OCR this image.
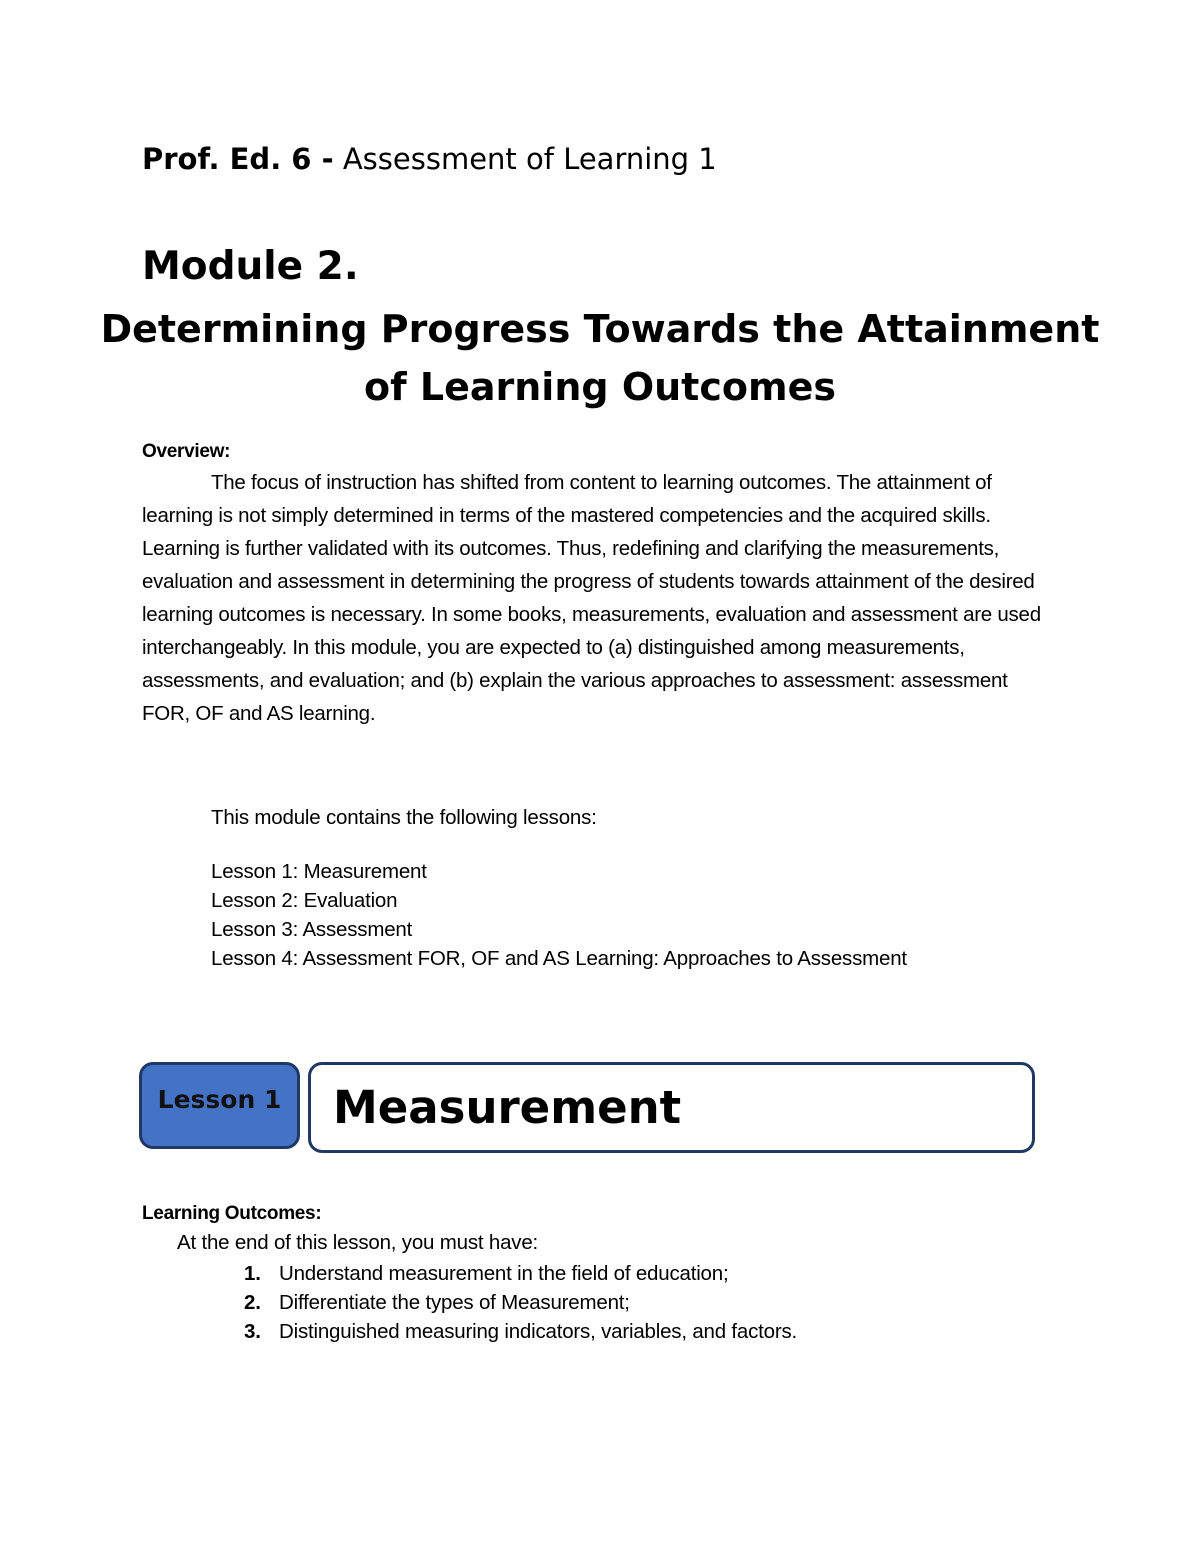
Prof. Ed. 6 - Assessment of Learning 1
Module 2.
Determining Progress Towards the Attainment
of Learning Outcomes
Overview:

The focus of instruction has shifted from content to learning outcomes. The attainment of learning is not simply determined in terms of the mastered competencies and the acquired skills. Learning is further validated with its outcomes. Thus, redefining and clarifying the measurements, evaluation and assessment in determining the progress of students towards attainment of the desired learning outcomes is necessary. In some books, measurements, evaluation and assessment are used interchangeably. In this module, you are expected to (a) distinguished among measurements, assessments, and evaluation; and (b) explain the various approaches to assessment: assessment FOR, OF and AS learning.

This module contains the following lessons:
Lesson 1: Measurement
Lesson 2: Evaluation
Lesson 3: Assessment
Lesson 4: Assessment FOR, OF and AS Learning: Approaches to Assessment
Lesson 1	Measurement
Learning Outcomes:
At the end of this lesson, you must have:
1. Understand measurement in the field of education;
2. Differentiate the types of Measurement;
3. Distinguished measuring indicators, variables, and factors.
